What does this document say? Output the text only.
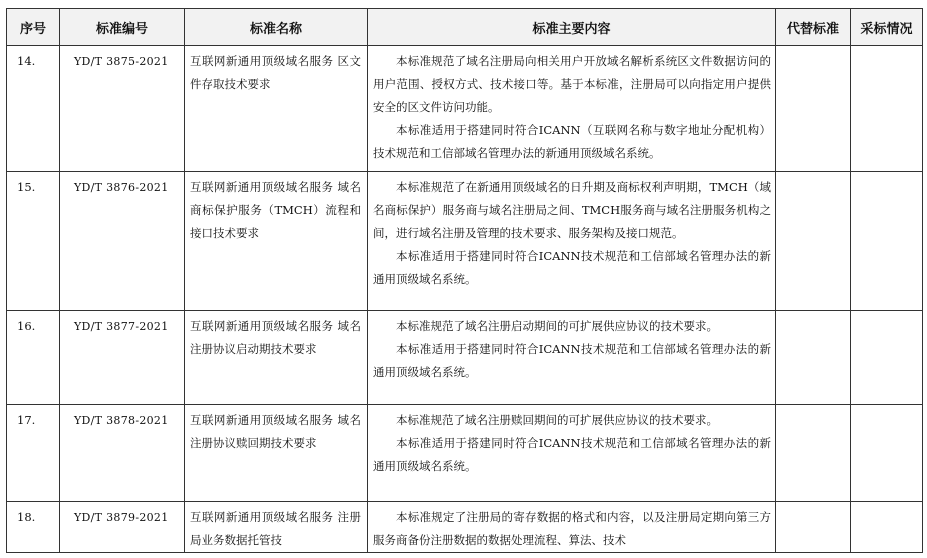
序号	标准编号	标准名称	标准主要内容	代替标准	采标情况
14.	YD/T 3875-2021	互联网新通用顶级域名服务 区文件存取技术要求	本标准规范了域名注册局向相关用户开放域名解析系统区文件数据访问的用户范围、授权方式、技术接口等。基于本标准，注册局可以向指定用户提供安全的区文件访问功能。

本标准适用于搭建同时符合ICANN（互联网名称与数字地址分配机构）技术规范和工信部域名管理办法的新通用顶级域名系统。		

15.	YD/T 3876-2021	互联网新通用顶级域名服务 域名商标保护服务（TMCH）流程和接口技术要求	本标准规范了在新通用顶级域名的日升期及商标权利声明期，TMCH（域名商标保护）服务商与域名注册局之间、TMCH服务商与域名注册服务机构之间，进行域名注册及管理的技术要求、服务架构及接口规范。

本标准适用于搭建同时符合ICANN技术规范和工信部域名管理办法的新通用顶级域名系统。		

16.	YD/T 3877-2021	互联网新通用顶级域名服务 域名注册协议启动期技术要求	本标准规范了域名注册启动期间的可扩展供应协议的技术要求。

本标准适用于搭建同时符合ICANN技术规范和工信部域名管理办法的新通用顶级域名系统。		

17.	YD/T 3878-2021	互联网新通用顶级域名服务 域名注册协议赎回期技术要求	本标准规范了域名注册赎回期间的可扩展供应协议的技术要求。

本标准适用于搭建同时符合ICANN技术规范和工信部域名管理办法的新通用顶级域名系统。		

18.	YD/T 3879-2021	互联网新通用顶级域名服务 注册局业务数据托管技	本标准规定了注册局的寄存数据的格式和内容，以及注册局定期向第三方服务商备份注册数据的数据处理流程、算法、技术		
